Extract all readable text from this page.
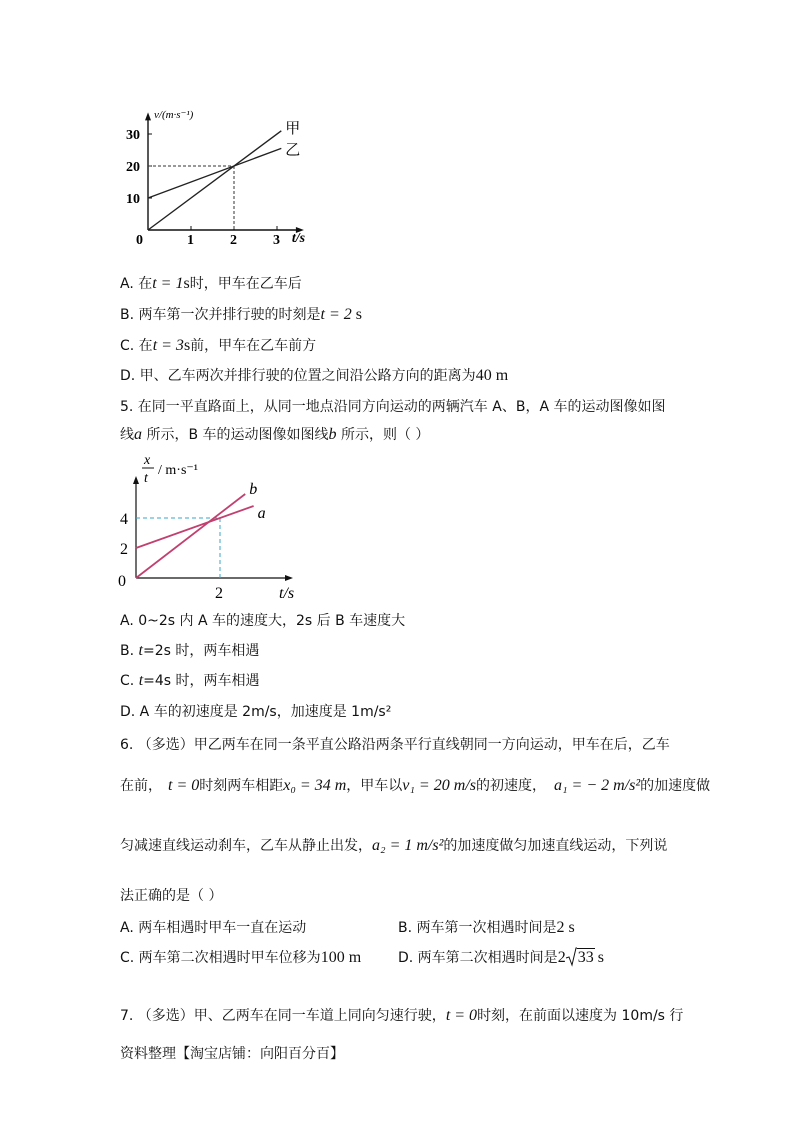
0	1	2	3
10
20
30	甲
乙
v/(m·s⁻¹)
t/s
A. 在t = 1s时，甲车在乙车后
B. 两车第一次并排行驶的时刻是t = 2 s
C. 在t = 3s前，甲车在乙车前方
D. 甲、乙车两次并排行驶的位置之间沿公路方向的距离为40 m
5. 在同一平直路面上，从同一地点沿同方向运动的两辆汽车 A、B，A 车的运动图像如图
线a 所示，B 车的运动图像如图线b 所示，则（ ）
2
0
2
4
b
a
x
t
/ m·s⁻¹
t/s
A. 0~2s 内 A 车的速度大，2s 后 B 车速度大
B. t=2s 时，两车相遇
C. t=4s 时，两车相遇
D. A 车的初速度是 2m/s，加速度是 1m/s²
6. （多选）甲乙两车在同一条平直公路沿两条平行直线朝同一方向运动，甲车在后，乙车
在前， t = 0时刻两车相距x₀ = 34 m，甲车以v₁ = 20 m/s的初速度， a₁ = − 2 m/s²的加速度做
匀减速直线运动刹车，乙车从静止出发，a₂ = 1 m/s²的加速度做匀加速直线运动，下列说
法正确的是（ ）
A. 两车相遇时甲车一直在运动	B. 两车第一次相遇时间是2 s
C. 两车第二次相遇时甲车位移为100 m	D. 两车第二次相遇时间是2 33 s
7. （多选）甲、乙两车在同一车道上同向匀速行驶，t = 0时刻，在前面以速度为 10m/s 行
资料整理【淘宝店铺：向阳百分百】
